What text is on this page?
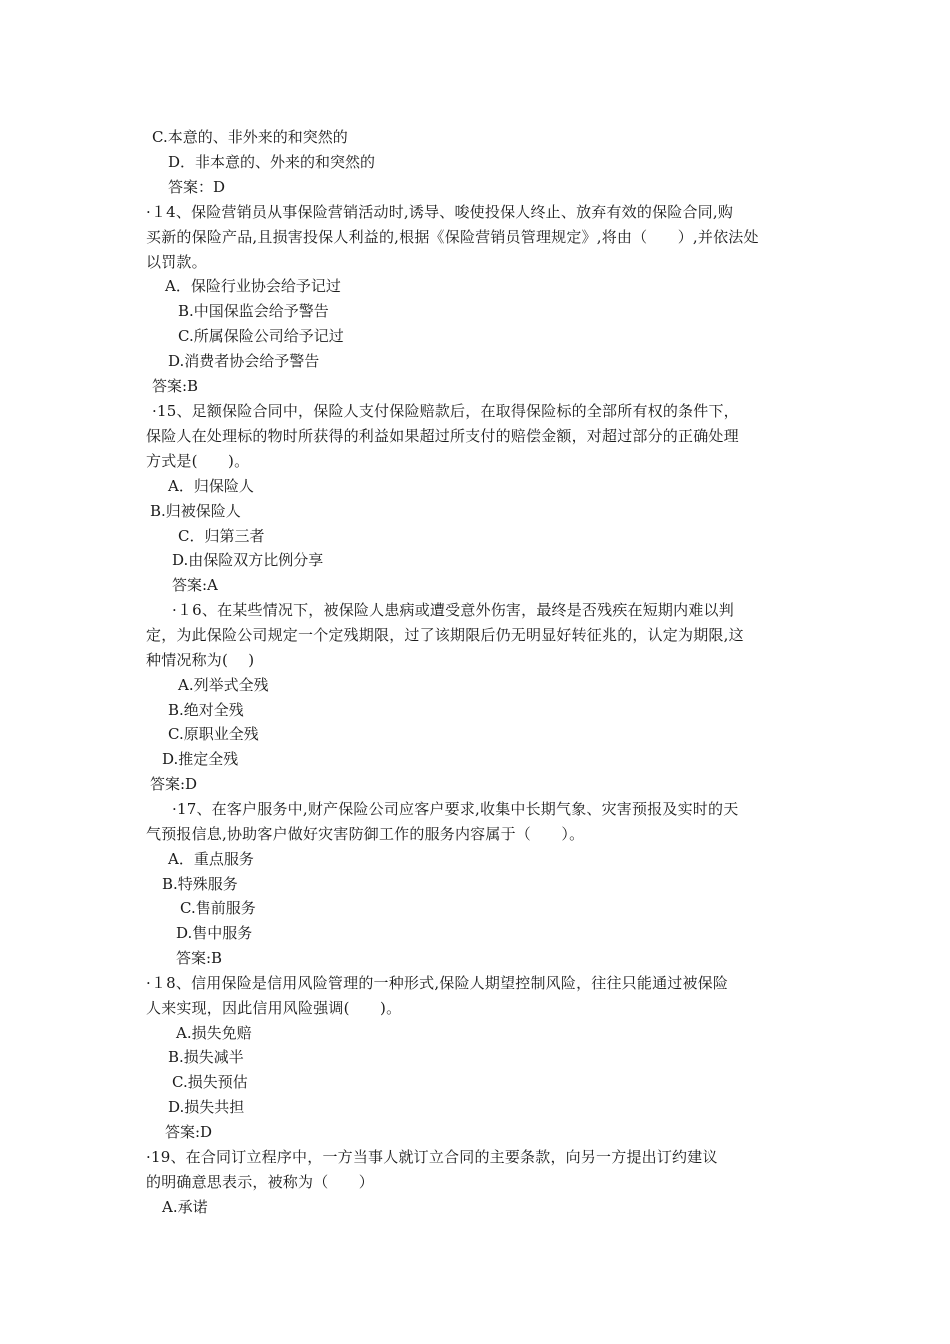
C.本意的、非外来的和突然的
D．非本意的、外来的和突然的
答案：D
·１4、保险营销员从事保险营销活动时,诱导、唆使投保人终止、放弃有效的保险合同,购
买新的保险产品,且损害投保人利益的,根据《保险营销员管理规定》,将由（　　）,并依法处
以罚款。
A．保险行业协会给予记过
B.中国保监会给予警告
C.所属保险公司给予记过
D.消费者协会给予警告
答案:B
·15、足额保险合同中，保险人支付保险赔款后，在取得保险标的全部所有权的条件下，
保险人在处理标的物时所获得的利益如果超过所支付的赔偿金额，对超过部分的正确处理
方式是(　　)。
A．归保险人
B.归被保险人
C．归第三者
D.由保险双方比例分享
答案:A
·１6、在某些情况下，被保险人患病或遭受意外伤害，最终是否残疾在短期内难以判
定，为此保险公司规定一个定残期限，过了该期限后仍无明显好转征兆的，认定为期限,这
种情况称为(　 )
A.列举式全残
B.绝对全残
C.原职业全残
D.推定全残
答案:D
·17、在客户服务中,财产保险公司应客户要求,收集中长期气象、灾害预报及实时的天
气预报信息,协助客户做好灾害防御工作的服务内容属于（　　）。
A．重点服务
B.特殊服务
C.售前服务
D.售中服务
答案:B
·１8、信用保险是信用风险管理的一种形式,保险人期望控制风险，往往只能通过被保险
人来实现，因此信用风险强调(　　)。
A.损失免赔
B.损失减半
C.损失预估
D.损失共担
答案:D
·19、在合同订立程序中，一方当事人就订立合同的主要条款，向另一方提出订约建议
的明确意思表示，被称为（　　）
A.承诺
